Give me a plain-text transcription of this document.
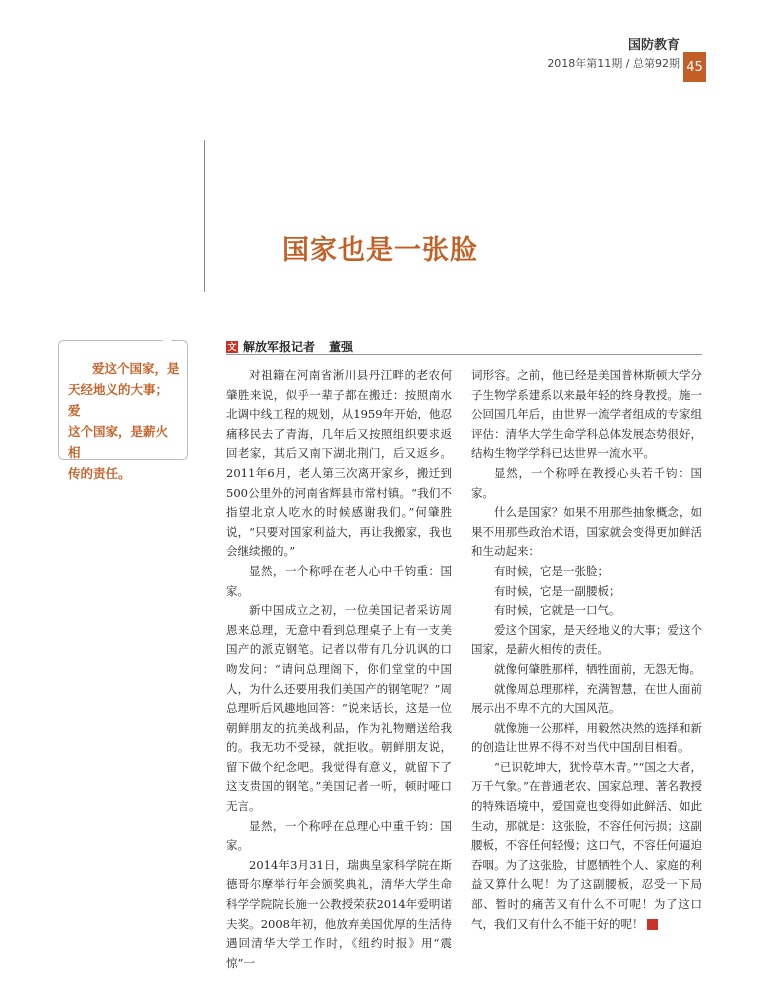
国防教育
2018年第11期 / 总第92期 45
国家也是一张脸
爱这个国家，是
天经地义的大事；爱
这个国家，是薪火相
传的责任。
文 解放军报记者 董强

对祖籍在河南省淅川县丹江畔的老农何肇胜来说，似乎一辈子都在搬迁：按照南水北调中线工程的规划，从1959年开始，他忍痛移民去了青海，几年后又按照组织要求返回老家，其后又南下湖北荆门，后又返乡。2011年6月，老人第三次离开家乡，搬迁到500公里外的河南省辉县市常村镇。“我们不指望北京人吃水的时候感谢我们。”何肇胜说，“只要对国家利益大，再让我搬家，我也会继续搬的。”

显然，一个称呼在老人心中千钧重：国家。

新中国成立之初，一位美国记者采访周恩来总理，无意中看到总理桌子上有一支美国产的派克钢笔。记者以带有几分讥讽的口吻发问：“请问总理阁下，你们堂堂的中国人，为什么还要用我们美国产的钢笔呢？”周总理听后风趣地回答：“说来话长，这是一位朝鲜朋友的抗美战利品，作为礼物赠送给我的。我无功不受禄，就拒收。朝鲜朋友说，留下做个纪念吧。我觉得有意义，就留下了这支贵国的钢笔。”美国记者一听，顿时哑口无言。

显然，一个称呼在总理心中重千钧：国家。

2014年3月31日，瑞典皇家科学院在斯德哥尔摩举行年会颁奖典礼，清华大学生命科学学院院长施一公教授荣获2014年爱明诺夫奖。2008年初，他放弃美国优厚的生活待遇回清华大学工作时，《纽约时报》用“震惊”一

词形容。之前，他已经是美国普林斯顿大学分子生物学系建系以来最年轻的终身教授。施一公回国几年后，由世界一流学者组成的专家组评估：清华大学生命学科总体发展态势很好，结构生物学学科已达世界一流水平。

显然，一个称呼在教授心头若千钧：国家。

什么是国家？如果不用那些抽象概念，如果不用那些政治术语，国家就会变得更加鲜活和生动起来：

有时候，它是一张脸；

有时候，它是一副腰板；

有时候，它就是一口气。

爱这个国家，是天经地义的大事；爱这个国家，是薪火相传的责任。

就像何肇胜那样，牺牲面前，无怨无悔。

就像周总理那样，充满智慧，在世人面前展示出不卑不亢的大国风范。

就像施一公那样，用毅然决然的选择和新的创造让世界不得不对当代中国刮目相看。

“已识乾坤大，犹怜草木青。”“国之大者，万千气象。”在普通老农、国家总理、著名教授的特殊语境中，爱国竟也变得如此鲜活、如此生动，那就是：这张脸，不容任何污损；这副腰板，不容任何轻慢；这口气，不容任何逼迫吞咽。为了这张脸，甘愿牺牲个人、家庭的利益又算什么呢！为了这副腰板，忍受一下局部、暂时的痛苦又有什么不可呢！为了这口气，我们又有什么不能干好的呢！ G
